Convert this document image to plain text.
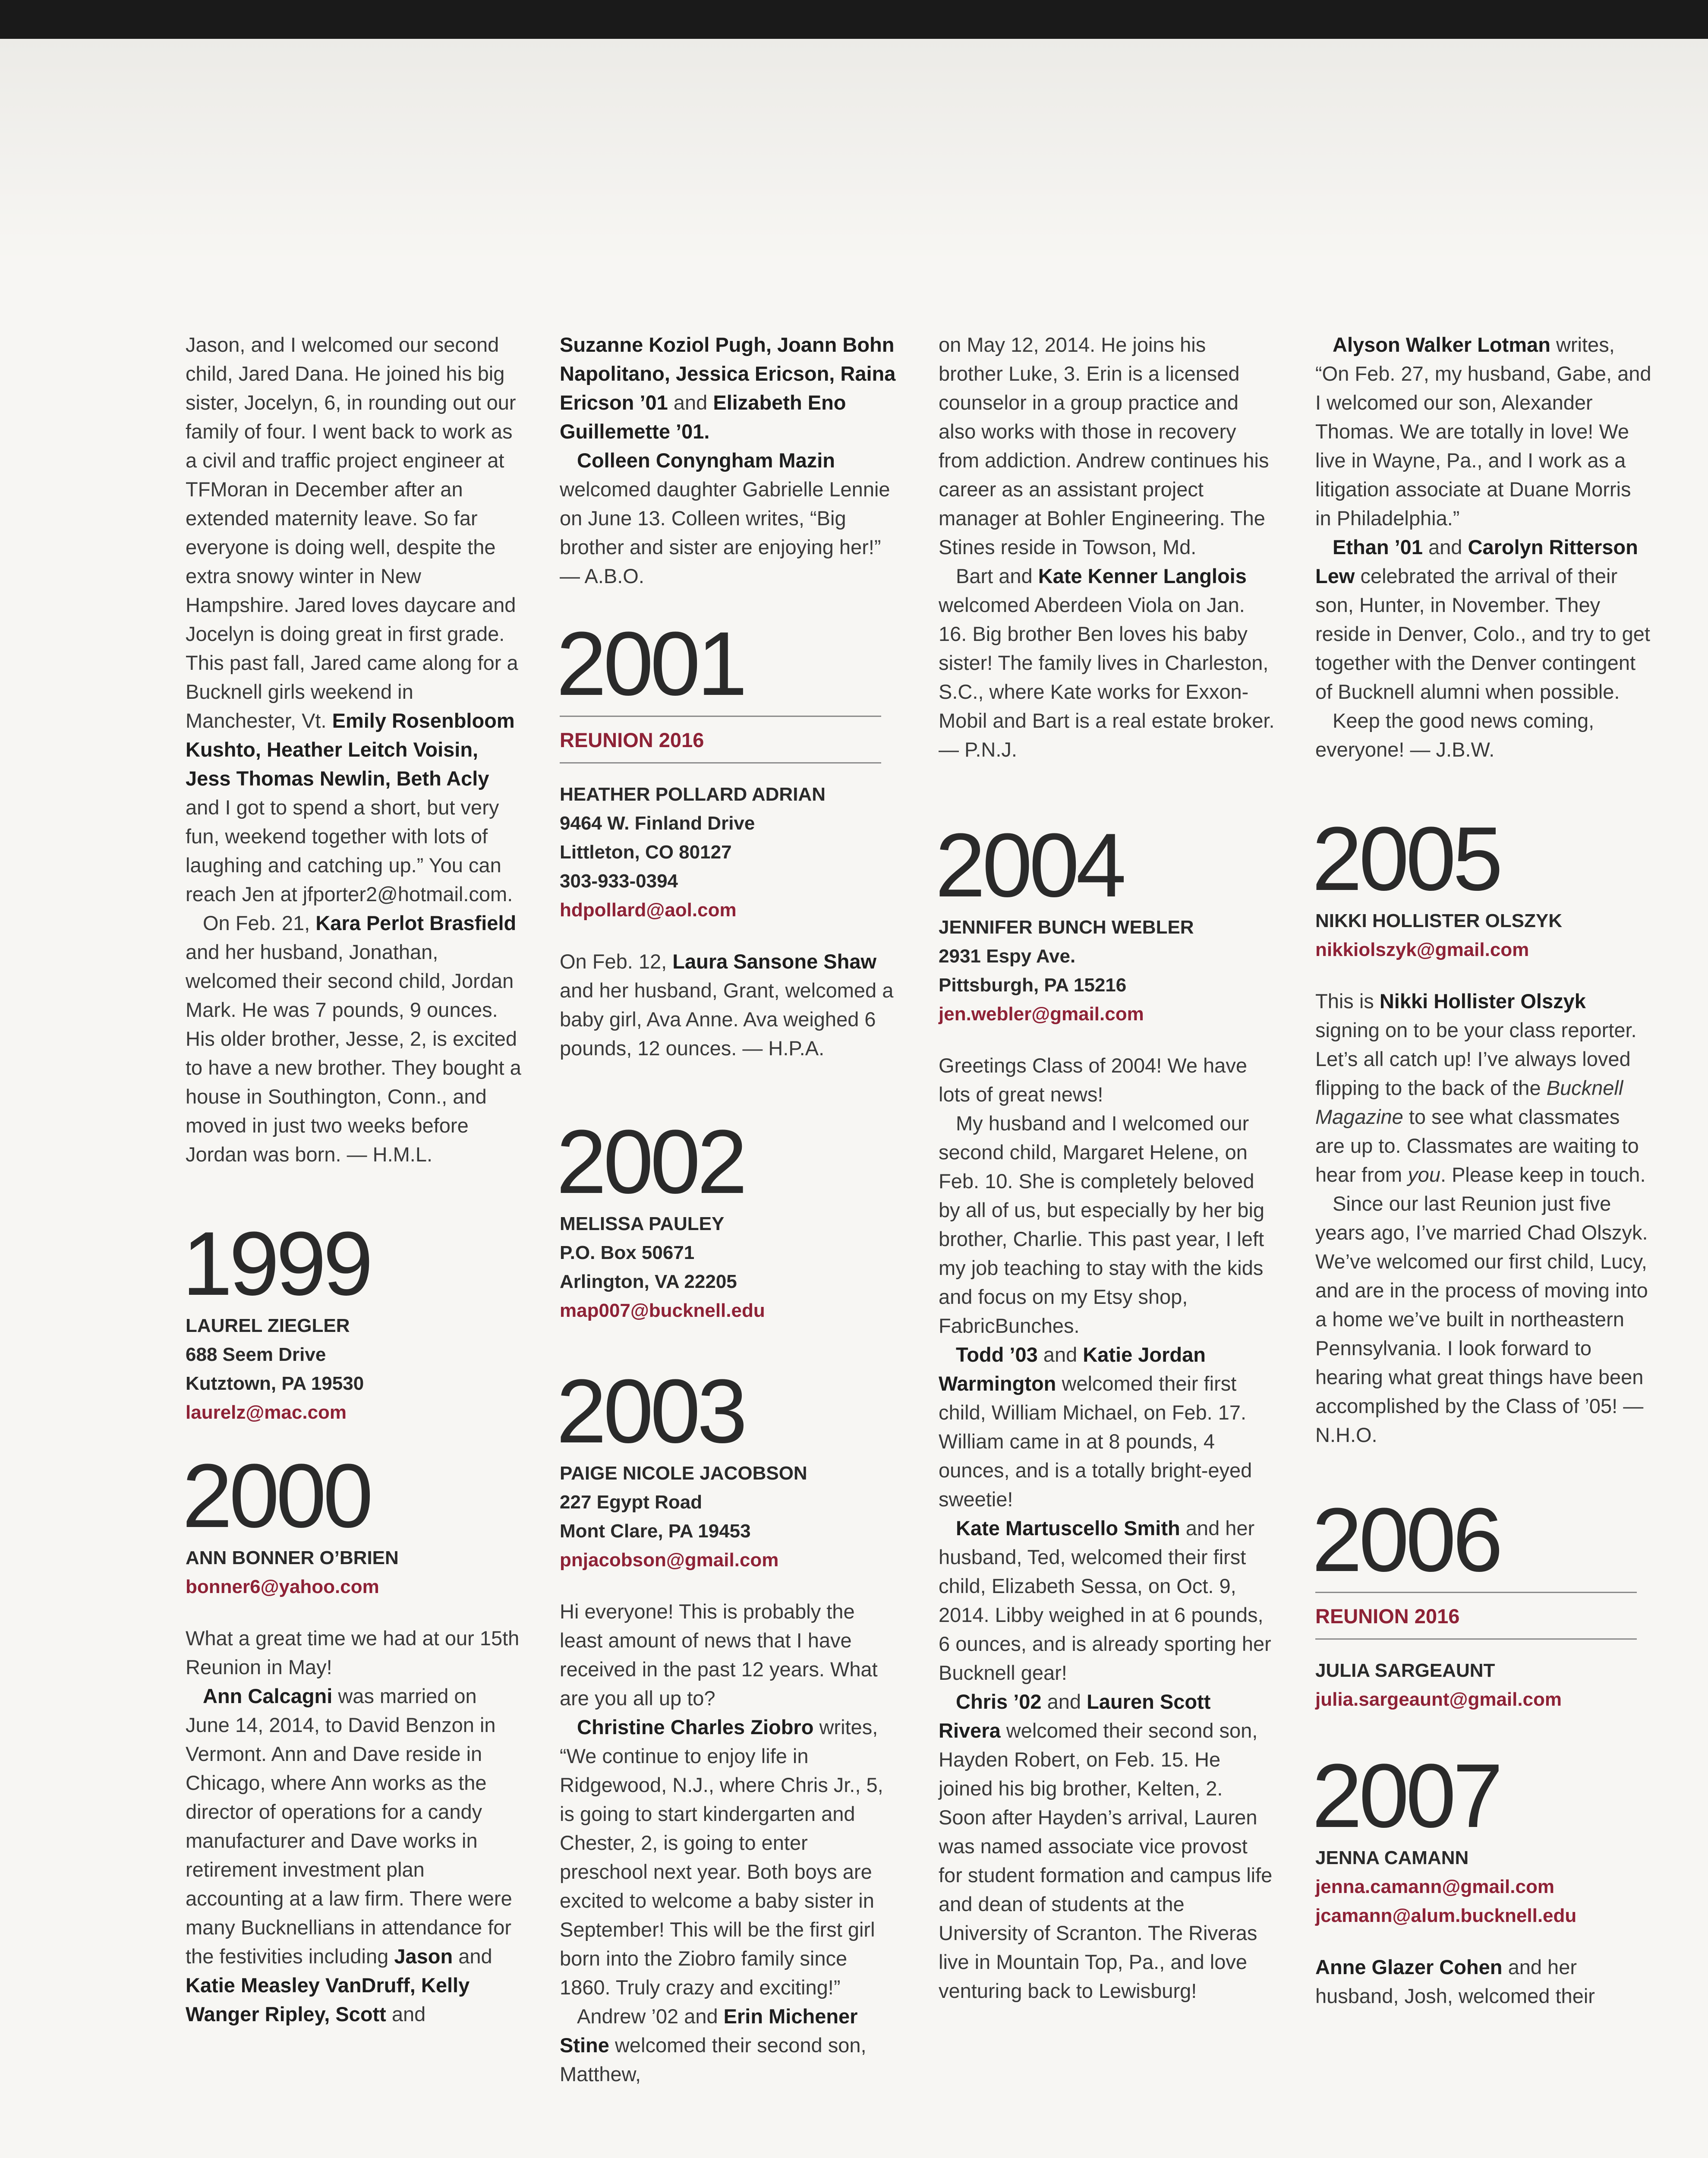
Jason, and I welcomed our second child, Jared Dana. He joined his big sister, Jocelyn, 6, in rounding out our family of four. I went back to work as a civil and traffic project engineer at TFMoran in December after an extended maternity leave. So far everyone is doing well, despite the extra snowy winter in New Hampshire. Jared loves daycare and Jocelyn is doing great in first grade. This past fall, Jared came along for a Bucknell girls weekend in Manchester, Vt. Emily Rosenbloom Kushto, Heather Leitch Voisin, Jess Thomas Newlin, Beth Acly and I got to spend a short, but very fun, weekend together with lots of laughing and catching up.” You can reach Jen at jfporter2@hotmail.com.

On Feb. 21, Kara Perlot Brasfield and her husband, Jonathan, welcomed their second child, Jordan Mark. He was 7 pounds, 9 ounces. His older brother, Jesse, 2, is excited to have a new brother. They bought a house in Southington, Conn., and moved in just two weeks before Jordan was born. — H.M.L.

1999
LAUREL ZIEGLER
688 Seem Drive
Kutztown, PA 19530
laurelz@mac.com
2000
ANN BONNER O’BRIEN
bonner6@yahoo.com

What a great time we had at our 15th Reunion in May!

Ann Calcagni was married on June 14, 2014, to David Benzon in Vermont. Ann and Dave reside in Chicago, where Ann works as the director of operations for a candy manufacturer and Dave works in retirement investment plan accounting at a law firm. There were many Bucknellians in attendance for the festivities including Jason and Katie Measley VanDruff, Kelly Wanger Ripley, Scott and

Suzanne Koziol Pugh, Joann Bohn Napolitano, Jessica Ericson, Raina Ericson ’01 and Elizabeth Eno Guillemette ’01.

Colleen Conyngham Mazin welcomed daughter Gabrielle Lennie on June 13. Colleen writes, “Big brother and sister are enjoying her!” — A.B.O.

2001
REUNION 2016
HEATHER POLLARD ADRIAN
9464 W. Finland Drive
Littleton, CO 80127
303-933-0394
hdpollard@aol.com

On Feb. 12, Laura Sansone Shaw and her husband, Grant, welcomed a baby girl, Ava Anne. Ava weighed 6 pounds, 12 ounces. — H.P.A.

2002
MELISSA PAULEY
P.O. Box 50671
Arlington, VA 22205
map007@bucknell.edu
2003
PAIGE NICOLE JACOBSON
227 Egypt Road
Mont Clare, PA 19453
pnjacobson@gmail.com

Hi everyone! This is probably the least amount of news that I have received in the past 12 years. What are you all up to?

Christine Charles Ziobro writes, “We continue to enjoy life in Ridgewood, N.J., where Chris Jr., 5, is going to start kindergarten and Chester, 2, is going to enter preschool next year. Both boys are excited to welcome a baby sister in September! This will be the first girl born into the Ziobro family since 1860. Truly crazy and exciting!”

Andrew ’02 and Erin Michener Stine welcomed their second son, Matthew,

on May 12, 2014. He joins his brother Luke, 3. Erin is a licensed counselor in a group practice and also works with those in recovery from addiction. Andrew continues his career as an assistant project manager at Bohler Engineering. The Stines reside in Towson, Md.

Bart and Kate Kenner Langlois welcomed Aberdeen Viola on Jan. 16. Big brother Ben loves his baby sister! The family lives in Charleston, S.C., where Kate works for ExxonMobil and Bart is a real estate broker. — P.N.J.

2004
JENNIFER BUNCH WEBLER
2931 Espy Ave.
Pittsburgh, PA 15216
jen.webler@gmail.com

Greetings Class of 2004! We have lots of great news!

My husband and I welcomed our second child, Margaret Helene, on Feb. 10. She is completely beloved by all of us, but especially by her big brother, Charlie. This past year, I left my job teaching to stay with the kids and focus on my Etsy shop, FabricBunches.

Todd ’03 and Katie Jordan Warmington welcomed their first child, William Michael, on Feb. 17. William came in at 8 pounds, 4 ounces, and is a totally bright-eyed sweetie!

Kate Martuscello Smith and her husband, Ted, welcomed their first child, Elizabeth Sessa, on Oct. 9, 2014. Libby weighed in at 6 pounds, 6 ounces, and is already sporting her Bucknell gear!

Chris ’02 and Lauren Scott Rivera welcomed their second son, Hayden Robert, on Feb. 15. He joined his big brother, Kelten, 2. Soon after Hayden’s arrival, Lauren was named associate vice provost for student formation and campus life and dean of students at the University of Scranton. The Riveras live in Mountain Top, Pa., and love venturing back to Lewisburg!

Alyson Walker Lotman writes, “On Feb. 27, my husband, Gabe, and I welcomed our son, Alexander Thomas. We are totally in love! We live in Wayne, Pa., and I work as a litigation associate at Duane Morris in Philadelphia.”

Ethan ’01 and Carolyn Ritterson Lew celebrated the arrival of their son, Hunter, in November. They reside in Denver, Colo., and try to get together with the Denver contingent of Bucknell alumni when possible.

Keep the good news coming, everyone! — J.B.W.

2005
NIKKI HOLLISTER OLSZYK
nikkiolszyk@gmail.com

This is Nikki Hollister Olszyk signing on to be your class reporter. Let’s all catch up! I’ve always loved flipping to the back of the Bucknell Magazine to see what classmates are up to. Classmates are waiting to hear from you. Please keep in touch.

Since our last Reunion just five years ago, I’ve married Chad Olszyk. We’ve welcomed our first child, Lucy, and are in the process of moving into a home we’ve built in northeastern Pennsylvania. I look forward to hearing what great things have been accomplished by the Class of ’05! — N.H.O.

2006
REUNION 2016
JULIA SARGEAUNT
julia.sargeaunt@gmail.com
2007
JENNA CAMANN
jenna.camann@gmail.com
jcamann@alum.bucknell.edu

Anne Glazer Cohen and her husband, Josh, welcomed their
